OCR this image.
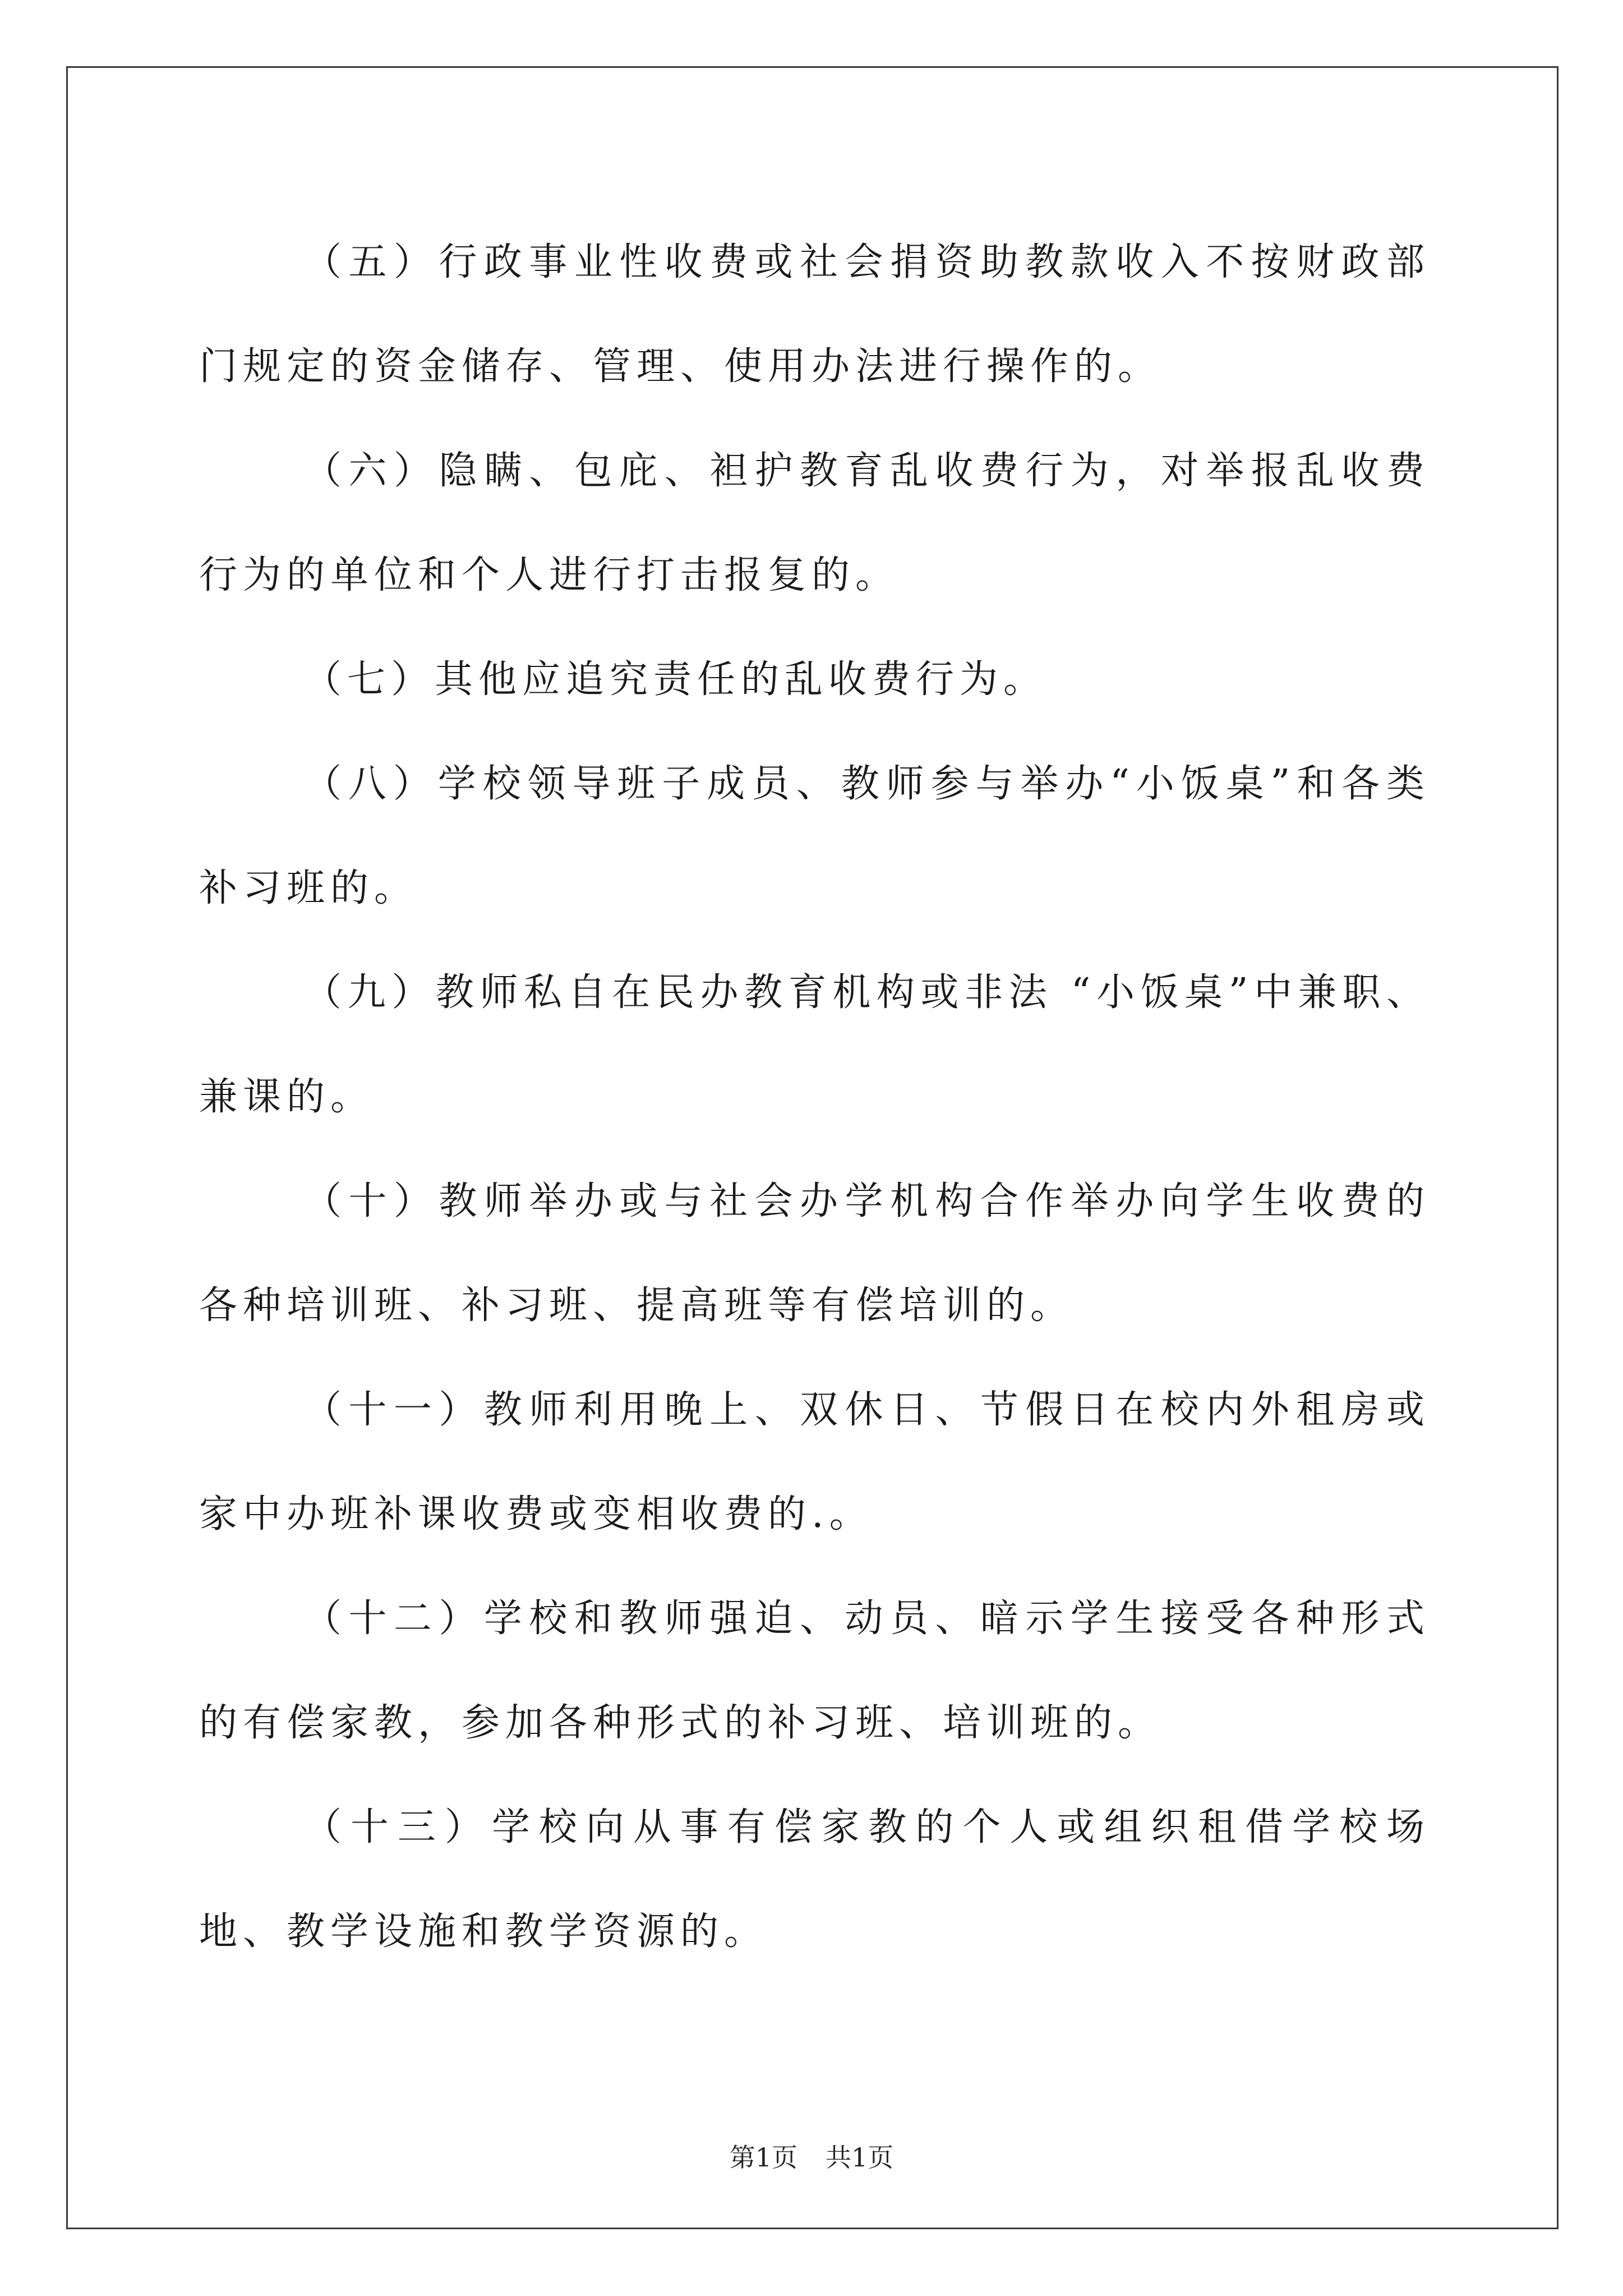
（五）行政事业性收费或社会捐资助教款收入不按财政部门规定的资金储存、管理、使用办法进行操作的。

（六）隐瞒、包庇、袒护教育乱收费行为，对举报乱收费行为的单位和个人进行打击报复的。

（七）其他应追究责任的乱收费行为。

（八）学校领导班子成员、教师参与举办“小饭桌”和各类补习班的。

（九）教师私自在民办教育机构或非法 “小饭桌”中兼职、兼课的。

（十）教师举办或与社会办学机构合作举办向学生收费的各种培训班、补习班、提高班等有偿培训的。

（十一）教师利用晚上、双休日、节假日在校内外租房或家中办班补课收费或变相收费的.。

（十二）学校和教师强迫、动员、暗示学生接受各种形式的有偿家教，参加各种形式的补习班、培训班的。

（十三）学校向从事有偿家教的个人或组织租借学校场地、教学设施和教学资源的。

第1页 共1页
